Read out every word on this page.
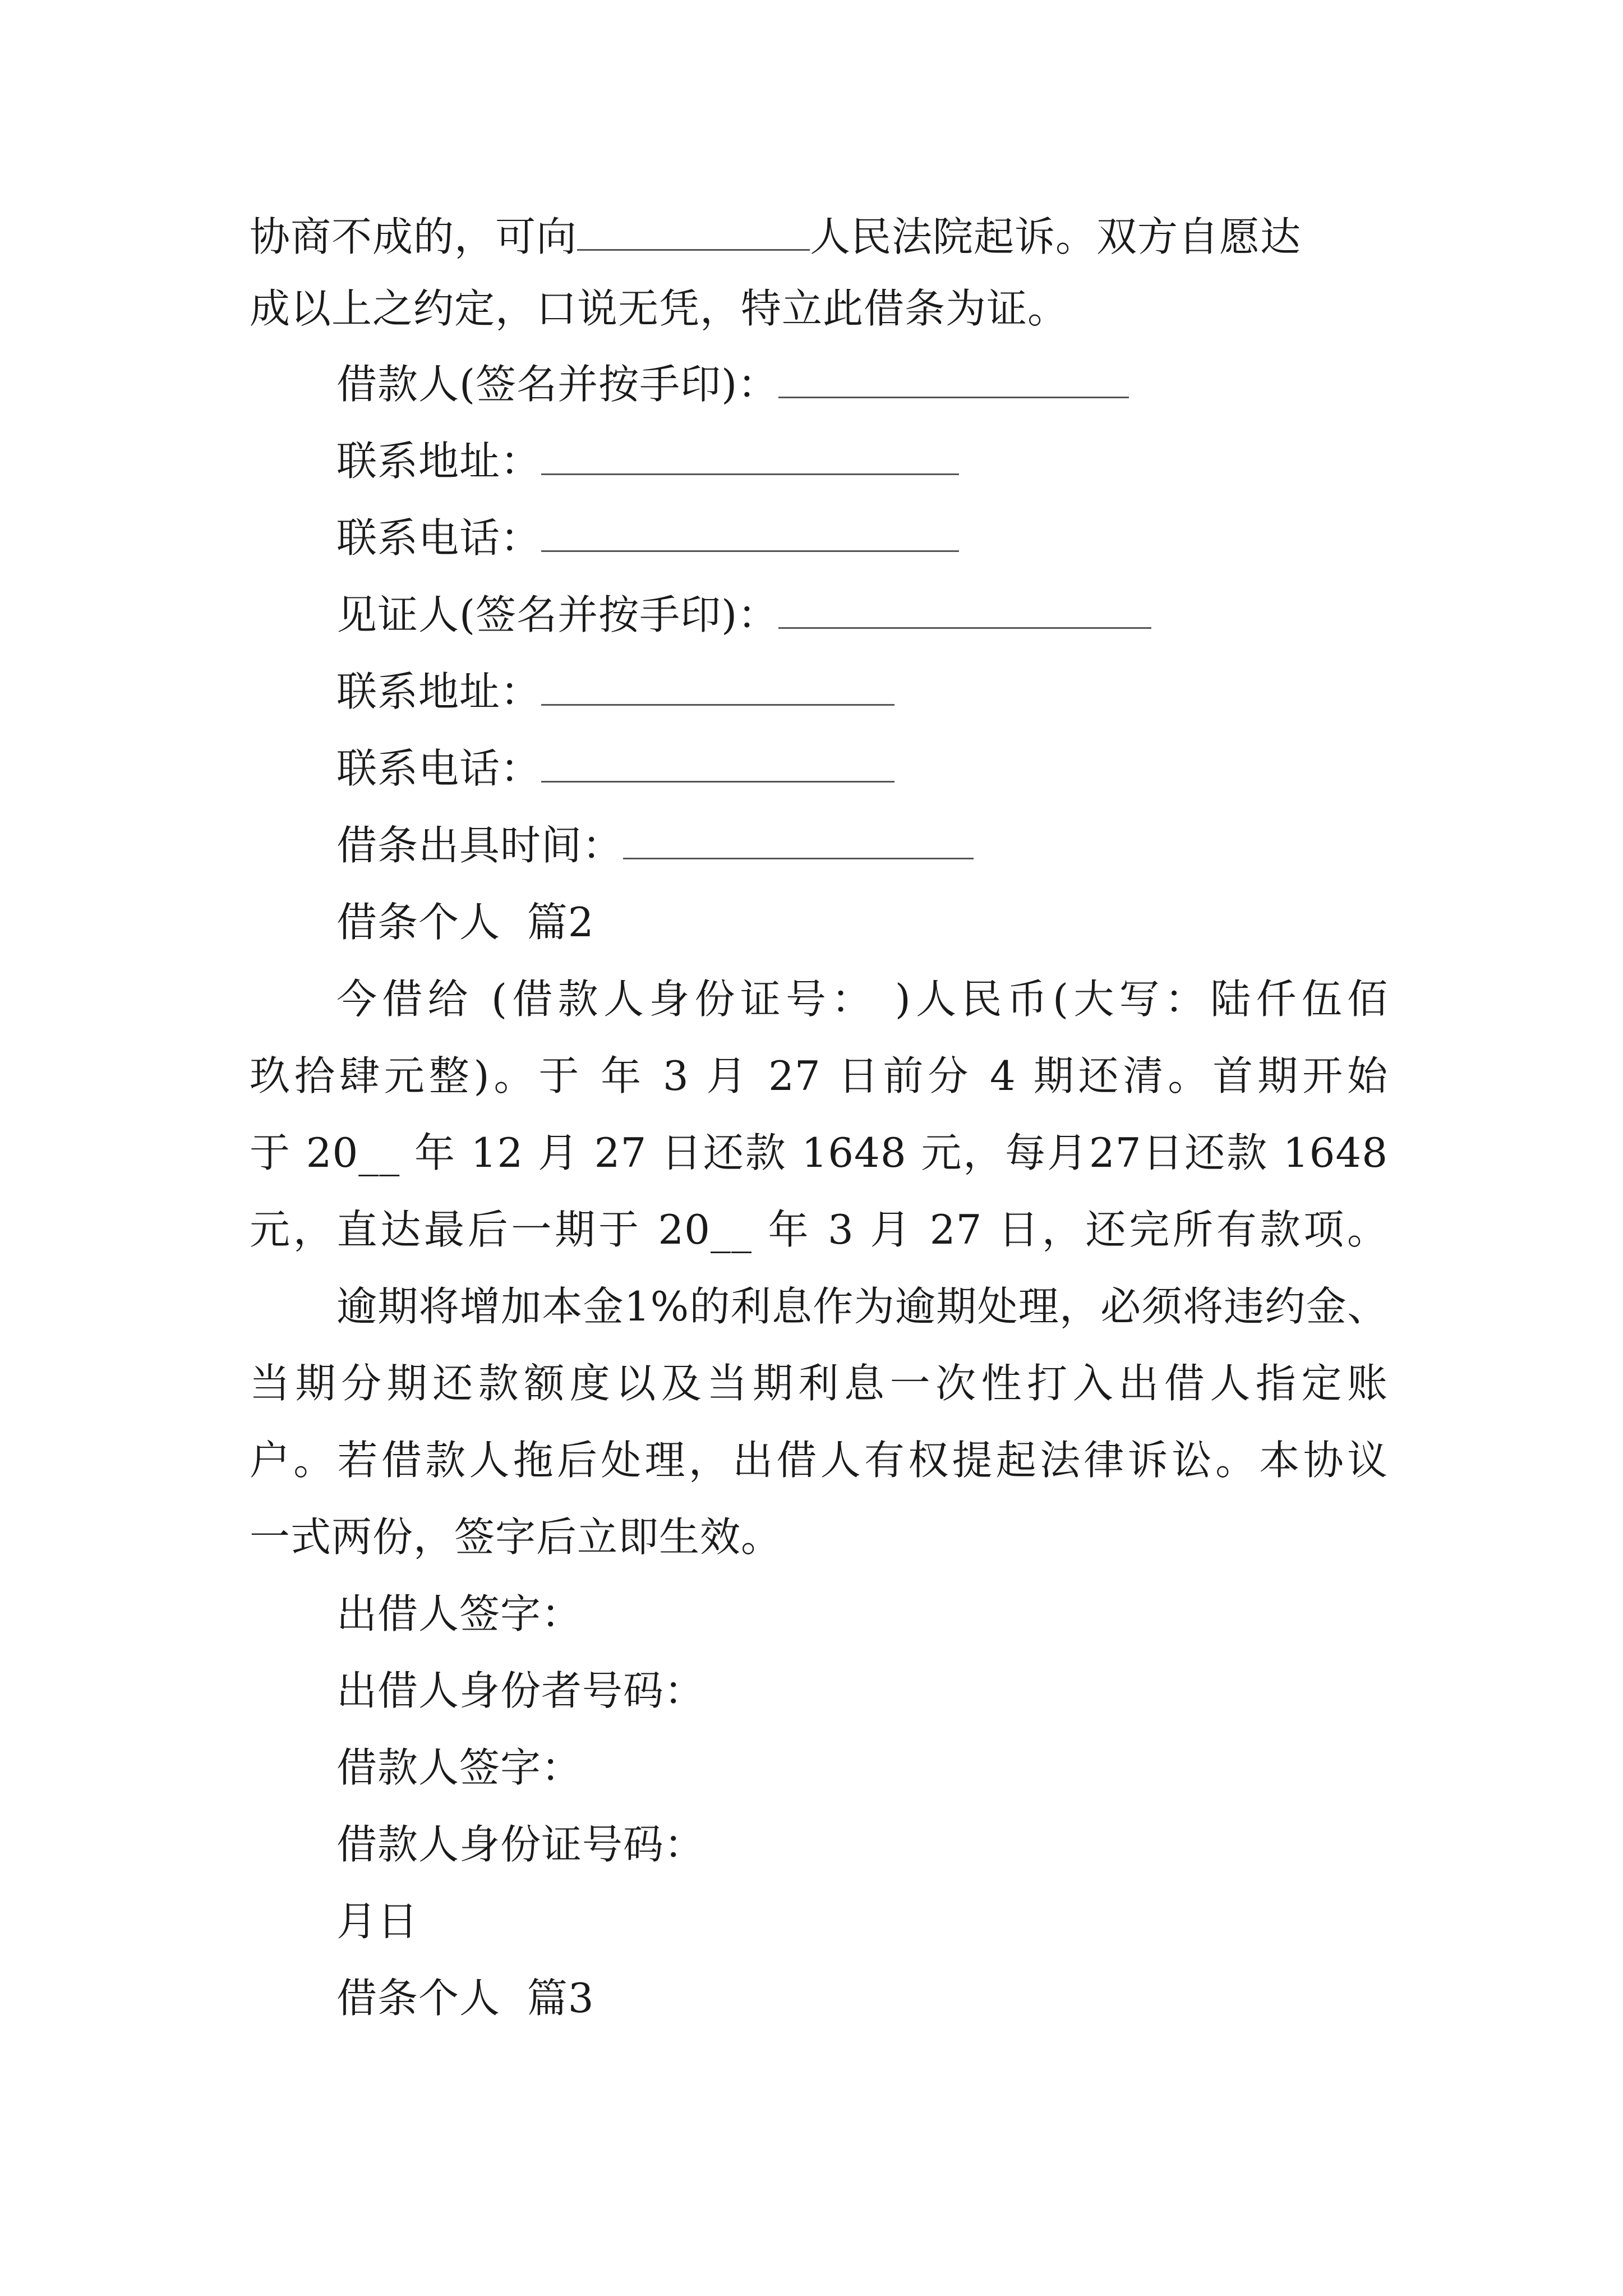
协商不成的，可向	人民法院起诉。双方自愿达
成以上之约定，口说无凭，特立此借条为证。
借款人(签名并按手印)：
联系地址：
联系电话：
见证人(签名并按手印)：
联系地址：
联系电话：
借条出具时间：
借条个人  篇2
今借给 (借款人身份证号： )人民币(大写：陆仟伍佰
玖拾肆元整)。于 年 3 月 27 日前分 4 期还清。首期开始
于 20__ 年 12 月 27 日还款 1648 元，每月27日还款 1648
元，直达最后一期于 20__ 年 3 月 27 日，还完所有款项。
逾期将增加本金1%的利息作为逾期处理，必须将违约金、
当期分期还款额度以及当期利息一次性打入出借人指定账
户。若借款人拖后处理，出借人有权提起法律诉讼。本协议
一式两份，签字后立即生效。
出借人签字：
出借人身份者号码：
借款人签字：
借款人身份证号码：
月日
借条个人  篇3
